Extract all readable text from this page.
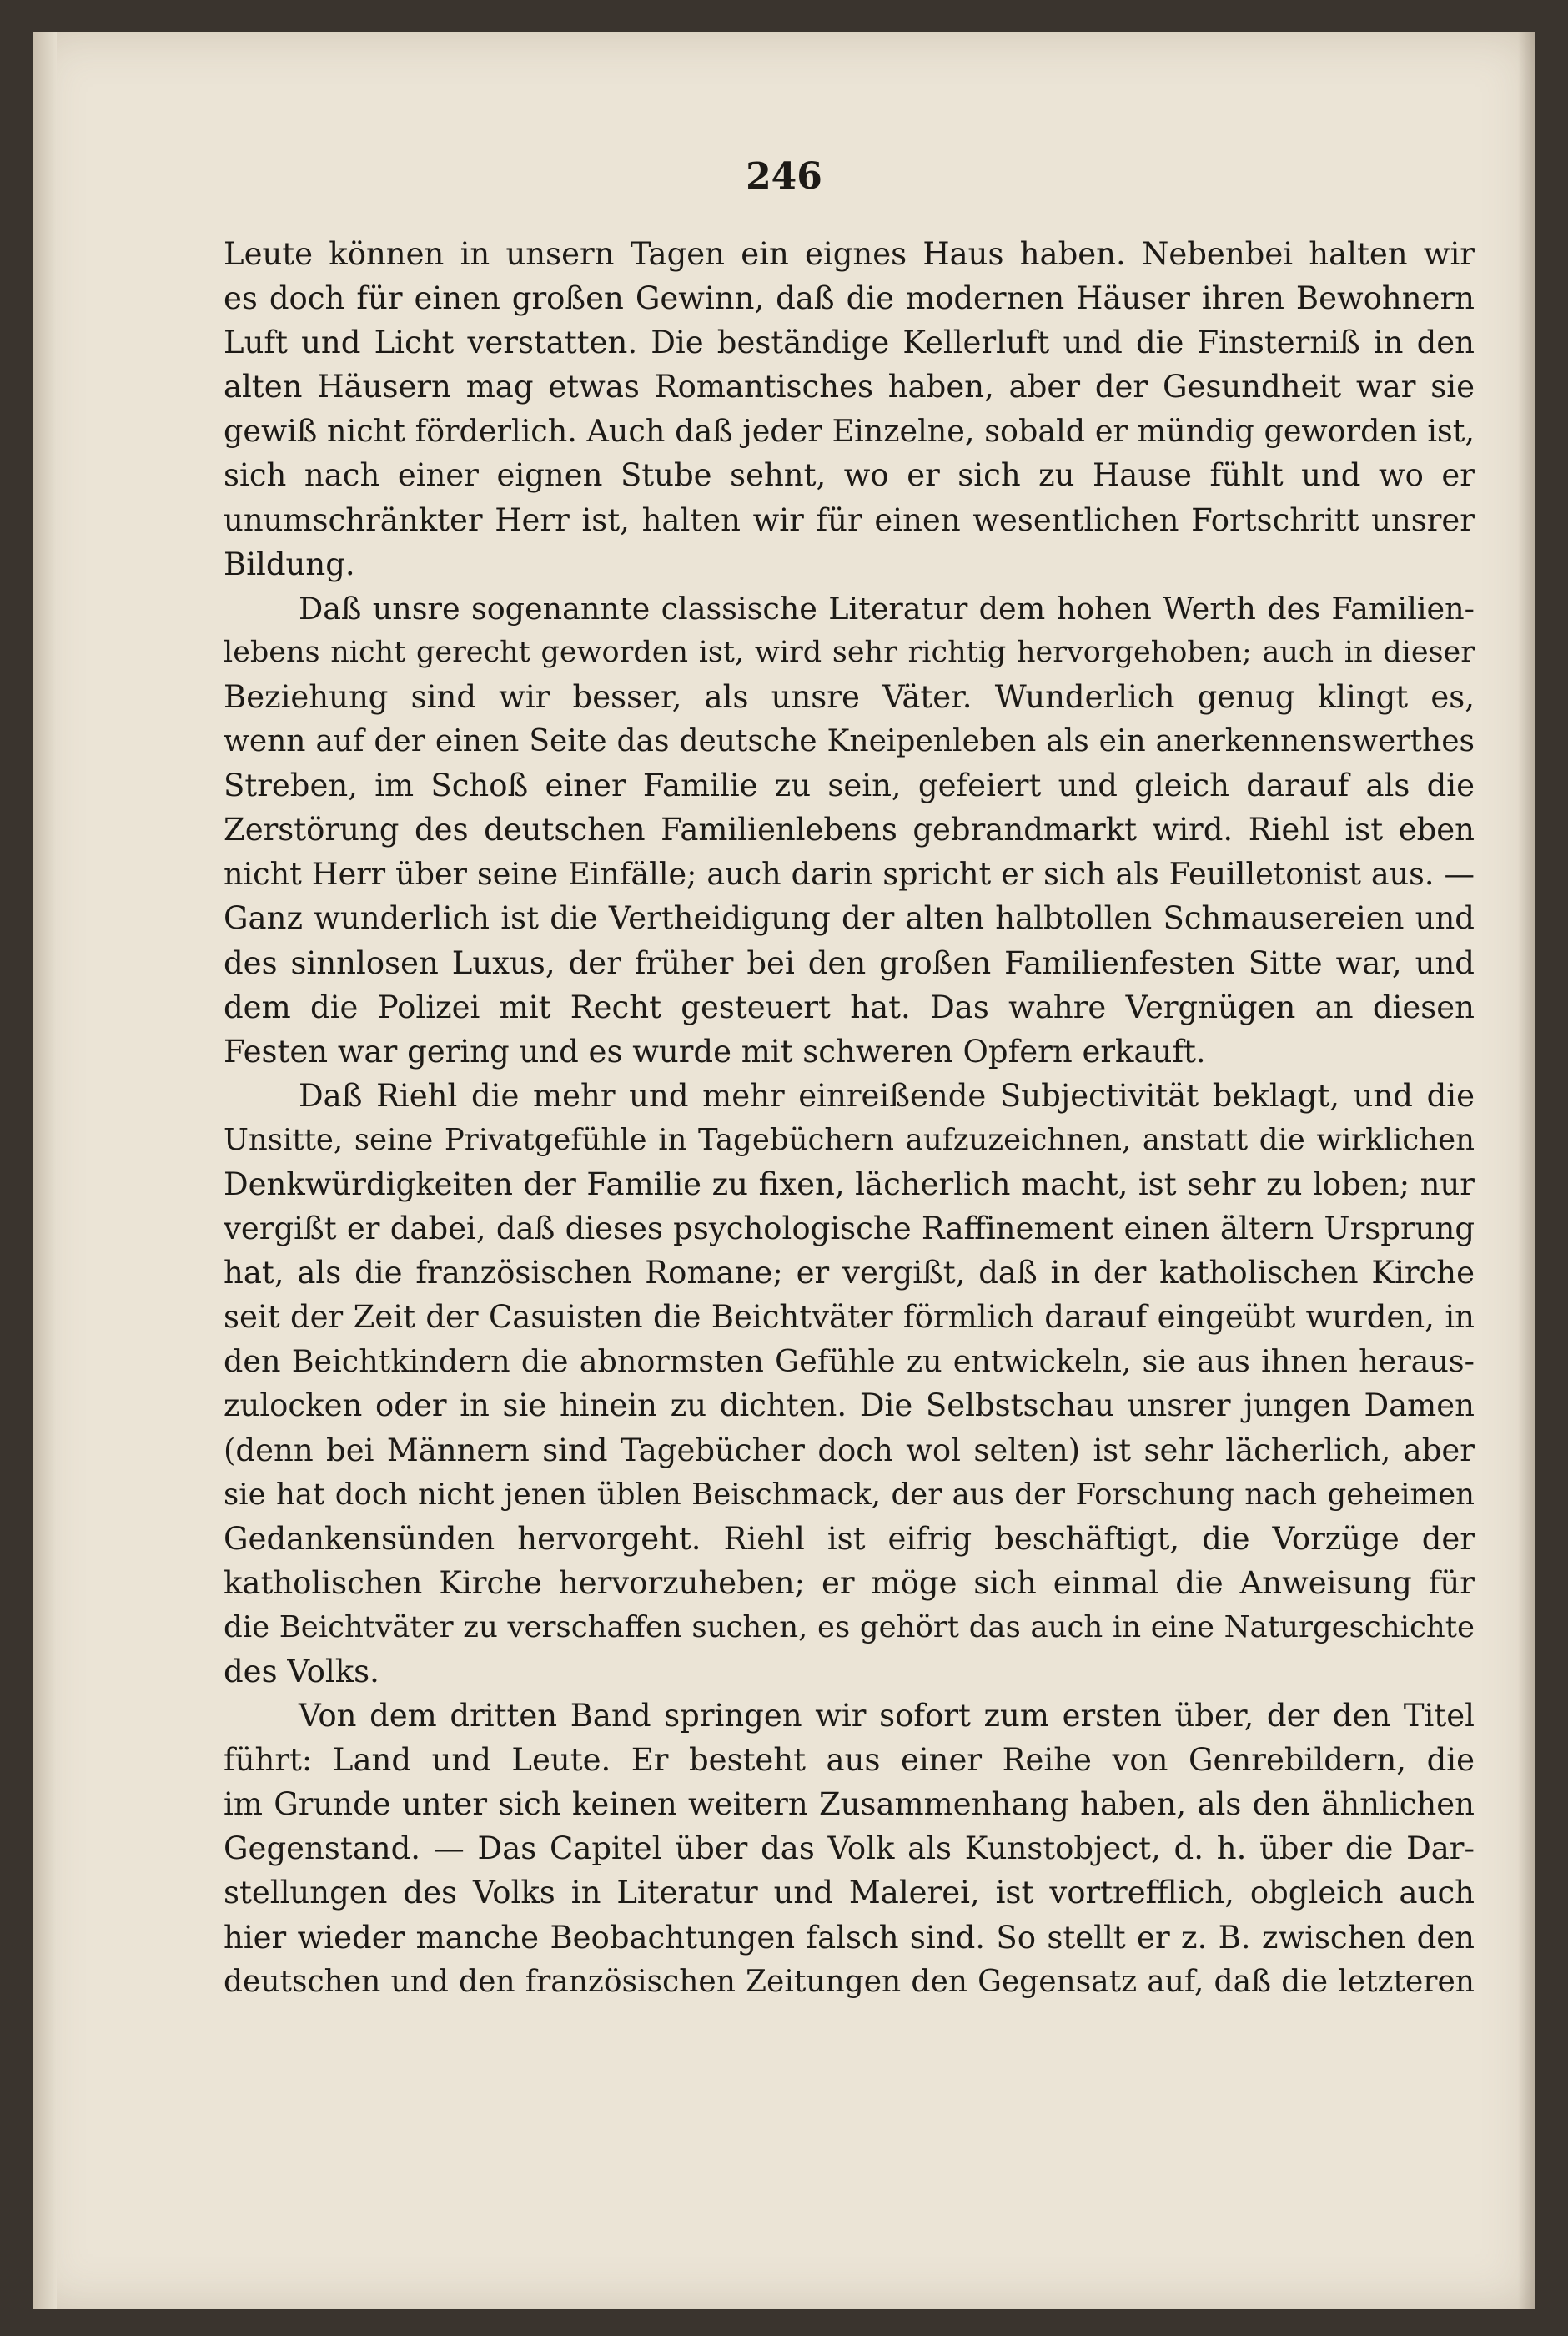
246
Leute können in unsern Tagen ein eignes Haus haben. Nebenbei halten wir
es doch für einen großen Gewinn, daß die modernen Häuser ihren Bewohnern
Luft und Licht verstatten. Die beständige Kellerluft und die Finsterniß in den
alten Häusern mag etwas Romantisches haben, aber der Gesundheit war sie
gewiß nicht förderlich. Auch daß jeder Einzelne, sobald er mündig geworden ist,
sich nach einer eignen Stube sehnt, wo er sich zu Hause fühlt und wo er
unumschränkter Herr ist, halten wir für einen wesentlichen Fortschritt unsrer
Bildung.
Daß unsre sogenannte classische Literatur dem hohen Werth des Familien-
lebens nicht gerecht geworden ist, wird sehr richtig hervorgehoben; auch in dieser
Beziehung sind wir besser, als unsre Väter. Wunderlich genug klingt es,
wenn auf der einen Seite das deutsche Kneipenleben als ein anerkennenswerthes
Streben, im Schoß einer Familie zu sein, gefeiert und gleich darauf als die
Zerstörung des deutschen Familienlebens gebrandmarkt wird. Riehl ist eben
nicht Herr über seine Einfälle; auch darin spricht er sich als Feuilletonist aus. —
Ganz wunderlich ist die Vertheidigung der alten halbtollen Schmausereien und
des sinnlosen Luxus, der früher bei den großen Familienfesten Sitte war, und
dem die Polizei mit Recht gesteuert hat. Das wahre Vergnügen an diesen
Festen war gering und es wurde mit schweren Opfern erkauft.
Daß Riehl die mehr und mehr einreißende Subjectivität beklagt, und die
Unsitte, seine Privatgefühle in Tagebüchern aufzuzeichnen, anstatt die wirklichen
Denkwürdigkeiten der Familie zu fixen, lächerlich macht, ist sehr zu loben; nur
vergißt er dabei, daß dieses psychologische Raffinement einen ältern Ursprung
hat, als die französischen Romane; er vergißt, daß in der katholischen Kirche
seit der Zeit der Casuisten die Beichtväter förmlich darauf eingeübt wurden, in
den Beichtkindern die abnormsten Gefühle zu entwickeln, sie aus ihnen heraus-
zulocken oder in sie hinein zu dichten. Die Selbstschau unsrer jungen Damen
(denn bei Männern sind Tagebücher doch wol selten) ist sehr lächerlich, aber
sie hat doch nicht jenen üblen Beischmack, der aus der Forschung nach geheimen
Gedankensünden hervorgeht. Riehl ist eifrig beschäftigt, die Vorzüge der
katholischen Kirche hervorzuheben; er möge sich einmal die Anweisung für
die Beichtväter zu verschaffen suchen, es gehört das auch in eine Naturgeschichte
des Volks.
Von dem dritten Band springen wir sofort zum ersten über, der den Titel
führt: Land und Leute. Er besteht aus einer Reihe von Genrebildern, die
im Grunde unter sich keinen weitern Zusammenhang haben, als den ähnlichen
Gegenstand. — Das Capitel über das Volk als Kunstobject, d. h. über die Dar-
stellungen des Volks in Literatur und Malerei, ist vortrefflich, obgleich auch
hier wieder manche Beobachtungen falsch sind. So stellt er z. B. zwischen den
deutschen und den französischen Zeitungen den Gegensatz auf, daß die letzteren
